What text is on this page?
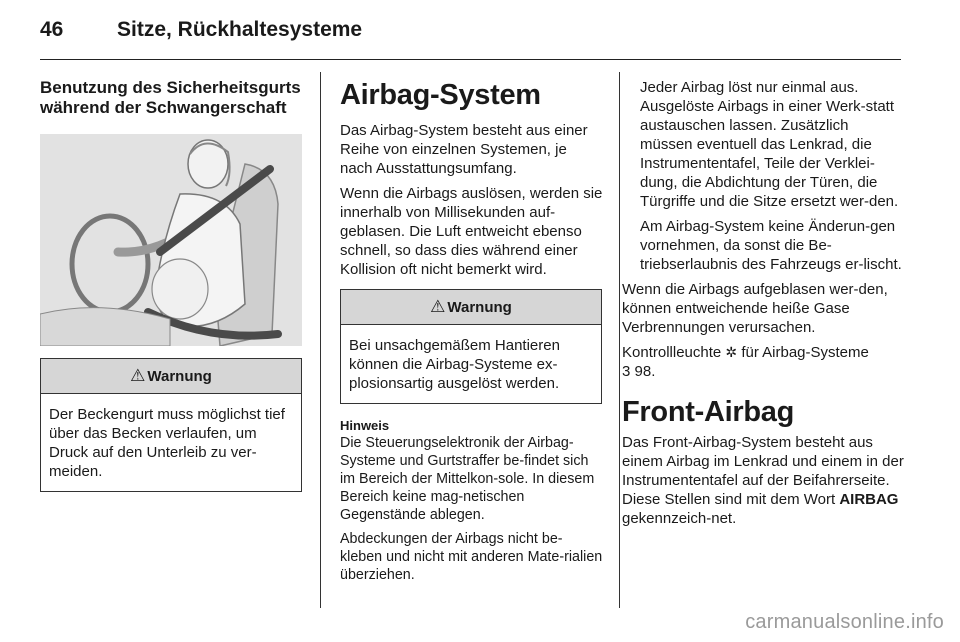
46	Sitze, Rückhaltesysteme
Benutzung des Sicherheitsgurts
während der Schwangerschaft
⚠ Warnung
Der Beckengurt muss möglichst tief über das Becken verlaufen, um Druck auf den Unterleib zu ver-meiden.
Airbag-System

Das Airbag-System besteht aus einer Reihe von einzelnen Systemen, je nach Ausstattungsumfang.

Wenn die Airbags auslösen, werden sie innerhalb von Millisekunden auf-geblasen. Die Luft entweicht ebenso schnell, so dass dies während einer Kollision oft nicht bemerkt wird.

⚠ Warnung
Bei unsachgemäßem Hantieren können die Airbag-Systeme ex-plosionsartig ausgelöst werden.
Hinweis

Die Steuerungselektronik der Airbag-Systeme und Gurtstraffer be-findet sich im Bereich der Mittelkon-sole. In diesem Bereich keine mag-netischen Gegenstände ablegen.

Abdeckungen der Airbags nicht be-kleben und nicht mit anderen Mate-rialien überziehen.

Jeder Airbag löst nur einmal aus. Ausgelöste Airbags in einer Werk-statt austauschen lassen. Zusätzlich müssen eventuell das Lenkrad, die Instrumententafel, Teile der Verklei-dung, die Abdichtung der Türen, die Türgriffe und die Sitze ersetzt wer-den.

Am Airbag-System keine Änderun-gen vornehmen, da sonst die Be-triebserlaubnis des Fahrzeugs er-lischt.

Wenn die Airbags aufgeblasen wer-den, können entweichende heiße Gase Verbrennungen verursachen.

Kontrollleuchte ✲ für Airbag-Systeme
3 98.

Front-Airbag

Das Front-Airbag-System besteht aus einem Airbag im Lenkrad und einem in der Instrumententafel auf der Beifahrerseite. Diese Stellen sind mit dem Wort AIRBAG gekennzeich-net.

carmanualsonline.info
